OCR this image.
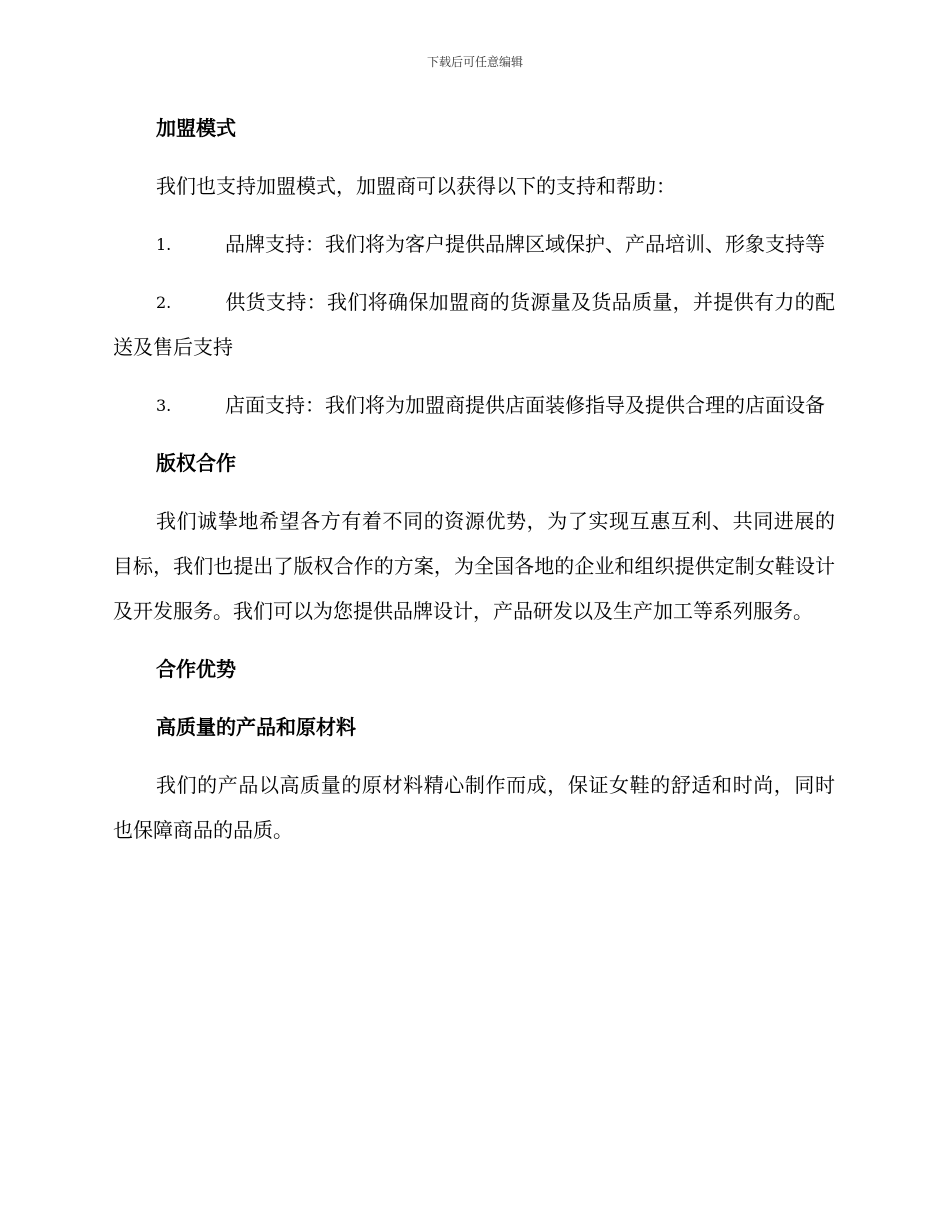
下载后可任意编辑
加盟模式

我们也支持加盟模式，加盟商可以获得以下的支持和帮助：

1.	品牌支持：我们将为客户提供品牌区域保护、产品培训、形象支持等
2.	供货支持：我们将确保加盟商的货源量及货品质量，并提供有力的配送及售后支持
3.	店面支持：我们将为加盟商提供店面装修指导及提供合理的店面设备
版权合作

我们诚挚地希望各方有着不同的资源优势，为了实现互惠互利、共同进展的目标，我们也提出了版权合作的方案，为全国各地的企业和组织提供定制女鞋设计及开发服务。我们可以为您提供品牌设计，产品研发以及生产加工等系列服务。

合作优势
高质量的产品和原材料

我们的产品以高质量的原材料精心制作而成，保证女鞋的舒适和时尚，同时也保障商品的品质。
